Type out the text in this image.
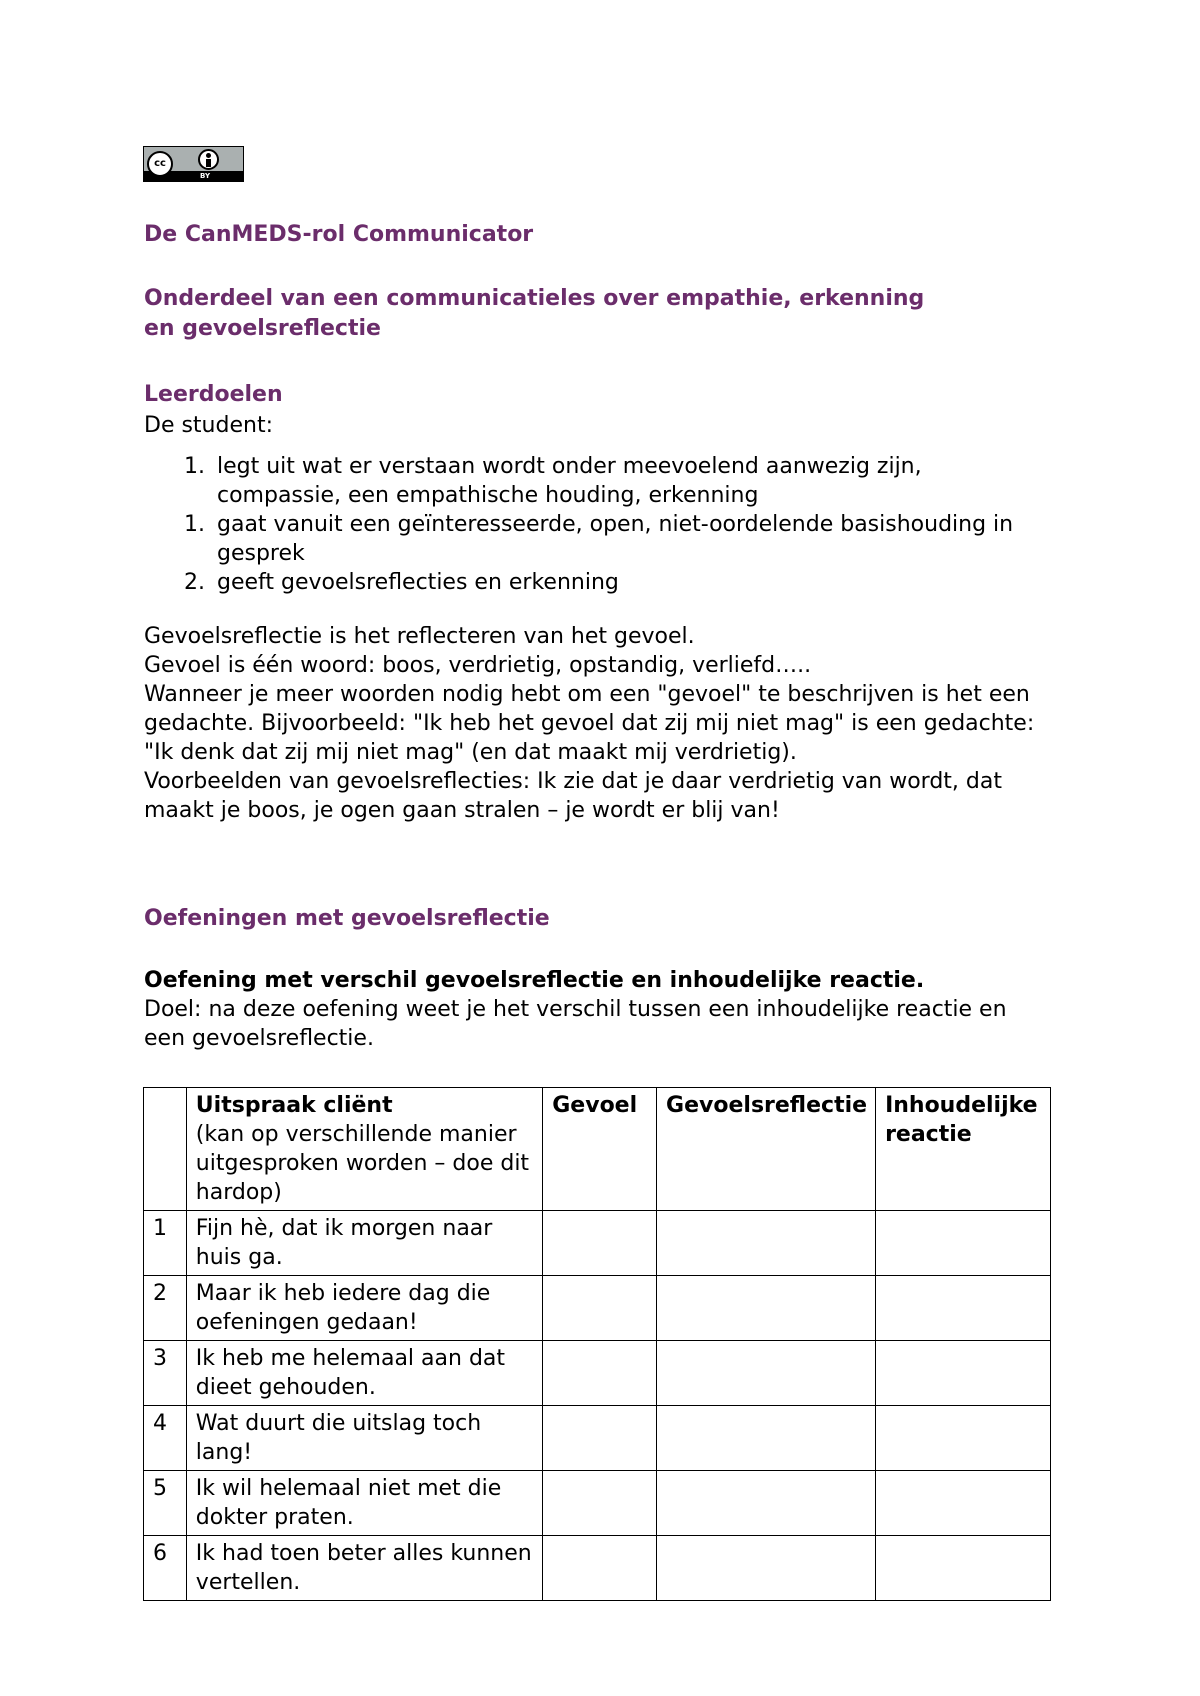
cc
BY
De CanMEDS-rol Communicator
Onderdeel van een communicatieles over empathie, erkenning en gevoelsreflectie
Leerdoelen

De student:

1. legt uit wat er verstaan wordt onder meevoelend aanwezig zijn, compassie, een empathische houding, erkenning
1. gaat vanuit een geïnteresseerde, open, niet-oordelende basishouding in gesprek
2. geeft gevoelsreflecties en erkenning

Gevoelsreflectie is het reflecteren van het gevoel.

Gevoel is één woord: boos, verdrietig, opstandig, verliefd…..

Wanneer je meer woorden nodig hebt om een "gevoel" te beschrijven is het een gedachte. Bijvoorbeeld: "Ik heb het gevoel dat zij mij niet mag" is een gedachte: "Ik denk dat zij mij niet mag" (en dat maakt mij verdrietig).

Voorbeelden van gevoelsreflecties: Ik zie dat je daar verdrietig van wordt, dat maakt je boos, je ogen gaan stralen – je wordt er blij van!

Oefeningen met gevoelsreflectie

Oefening met verschil gevoelsreflectie en inhoudelijke reactie.

Doel: na deze oefening weet je het verschil tussen een inhoudelijke reactie en een gevoelsreflectie.

	Uitspraak cliënt
(kan op verschillende manier uitgesproken worden – doe dit hardop)	Gevoel	Gevoelsreflectie	Inhoudelijke reactie
1	Fijn hè, dat ik morgen naar huis ga.			
2	Maar ik heb iedere dag die oefeningen gedaan!			
3	Ik heb me helemaal aan dat dieet gehouden.			
4	Wat duurt die uitslag toch lang!			
5	Ik wil helemaal niet met die dokter praten.			
6	Ik had toen beter alles kunnen vertellen.			
